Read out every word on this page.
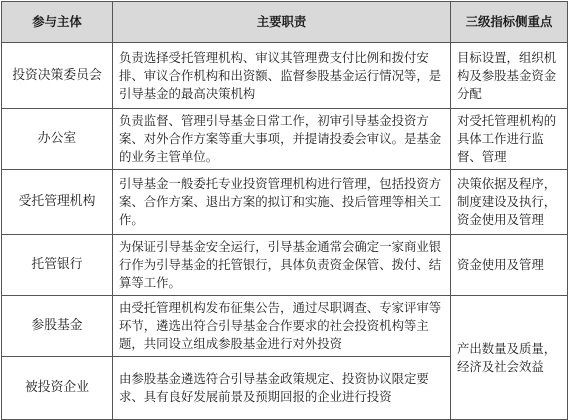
参与主体	主要职责	三级指标侧重点
投资决策委员会	负责选择受托管理机构、审议其管理费支付比例和拨付安排、审议合作机构和出资额、监督参股基金运行情况等，是引导基金的最高决策机构	目标设置，组织机构及参股基金资金分配
办公室	负责监督、管理引导基金日常工作，初审引导基金投资方案、对外合作方案等重大事项，并提请投委会审议。是基金的业务主管单位。	对受托管理机构的具体工作进行监督、管理
受托管理机构	引导基金一般委托专业投资管理机构进行管理，包括投资方案、合作方案、退出方案的拟订和实施、投后管理等相关工作。	决策依据及程序，制度建设及执行，资金使用及管理
托管银行	为保证引导基金安全运行，引导基金通常会确定一家商业银行作为引导基金的托管银行，具体负责资金保管、拨付、结算等工作。	资金使用及管理
参股基金	由受托管理机构发布征集公告，通过尽职调查、专家评审等环节，遴选出符合引导基金合作要求的社会投资机构等主题，共同设立组成参股基金进行对外投资	产出数量及质量，经济及社会效益
被投资企业	由参股基金遴选符合引导基金政策规定、投资协议限定要求、具有良好发展前景及预期回报的企业进行投资	
